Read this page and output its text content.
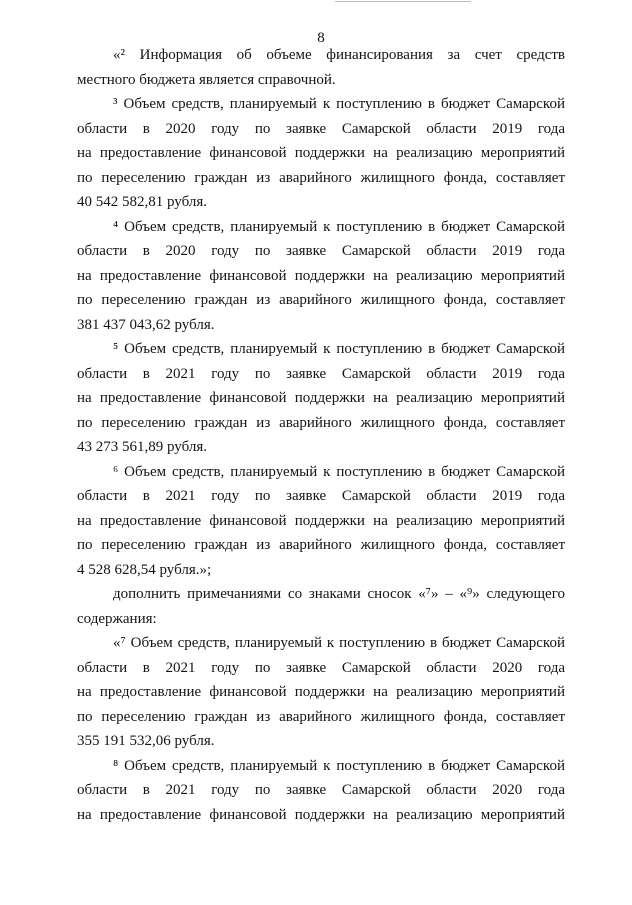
8
«² Информация об объеме финансирования за счет средств
местного бюджета является справочной.
³ Объем средств, планируемый к поступлению в бюджет Самарской
области в 2020 году по заявке Самарской области 2019 года
на предоставление финансовой поддержки на реализацию мероприятий
по переселению граждан из аварийного жилищного фонда, составляет
40 542 582,81 рубля.
⁴ Объем средств, планируемый к поступлению в бюджет Самарской
области в 2020 году по заявке Самарской области 2019 года
на предоставление финансовой поддержки на реализацию мероприятий
по переселению граждан из аварийного жилищного фонда, составляет
381 437 043,62 рубля.
⁵ Объем средств, планируемый к поступлению в бюджет Самарской
области в 2021 году по заявке Самарской области 2019 года
на предоставление финансовой поддержки на реализацию мероприятий
по переселению граждан из аварийного жилищного фонда, составляет
43 273 561,89 рубля.
⁶ Объем средств, планируемый к поступлению в бюджет Самарской
области в 2021 году по заявке Самарской области 2019 года
на предоставление финансовой поддержки на реализацию мероприятий
по переселению граждан из аварийного жилищного фонда, составляет
4 528 628,54 рубля.»;
дополнить примечаниями со знаками сносок «⁷» – «⁹» следующего
содержания:
«⁷ Объем средств, планируемый к поступлению в бюджет Самарской
области в 2021 году по заявке Самарской области 2020 года
на предоставление финансовой поддержки на реализацию мероприятий
по переселению граждан из аварийного жилищного фонда, составляет
355 191 532,06 рубля.
⁸ Объем средств, планируемый к поступлению в бюджет Самарской
области в 2021 году по заявке Самарской области 2020 года
на предоставление финансовой поддержки на реализацию мероприятий
